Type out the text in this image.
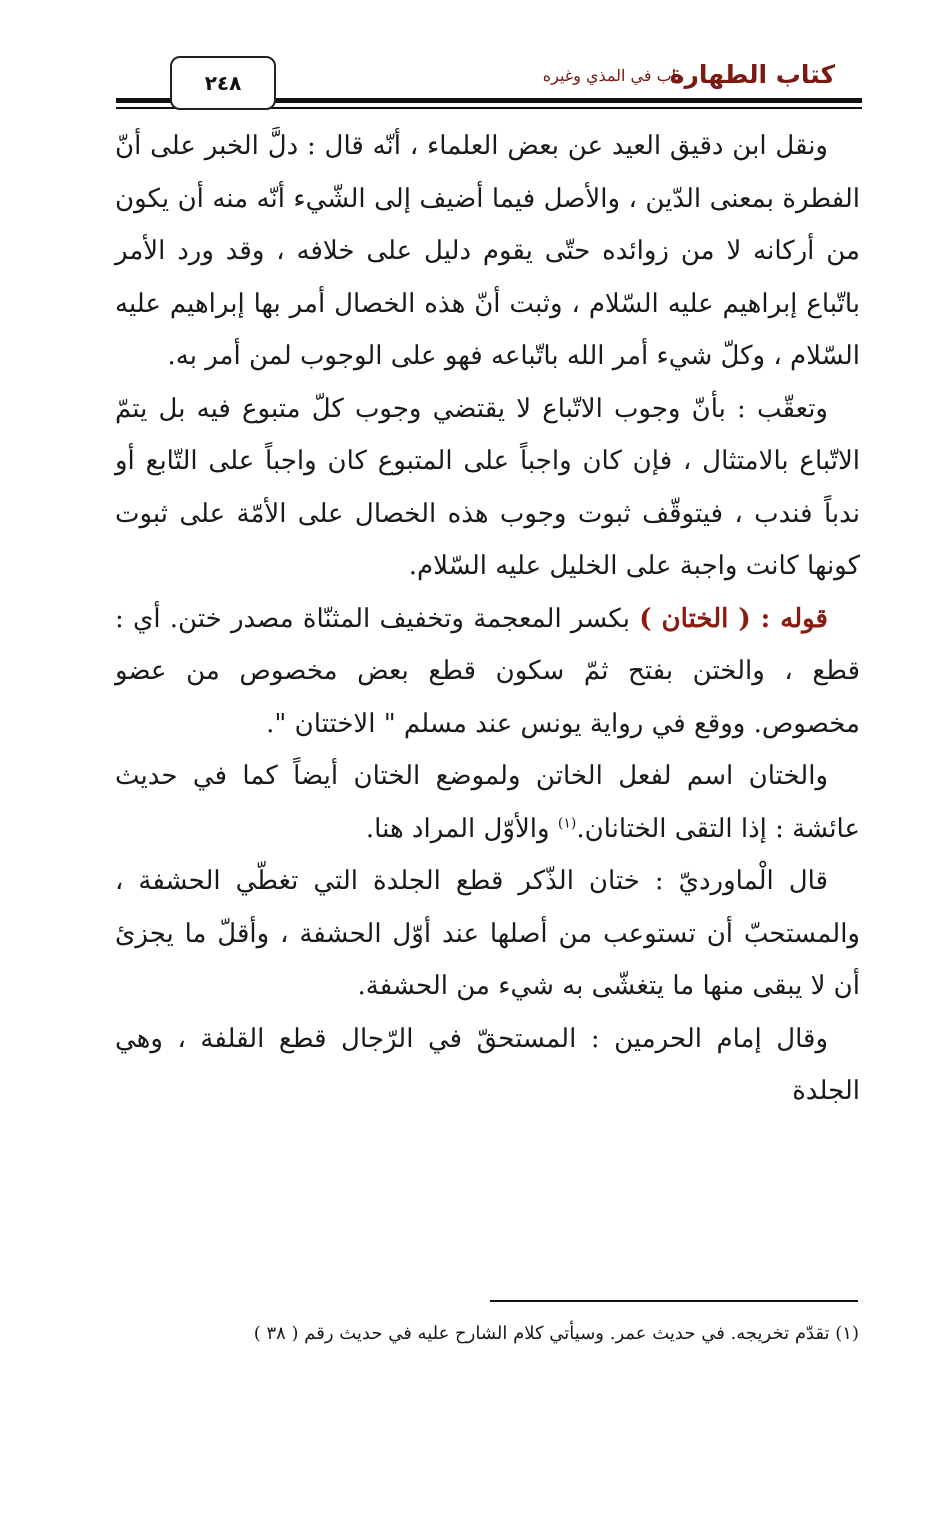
كتاب الطهارة
باب في المذي وغيره
٢٤٨

ونقل ابن دقيق العيد عن بعض العلماء ، أنّه قال : دلَّ الخبر على أنّ الفطرة بمعنى الدّين ، والأصل فيما أضيف إلى الشّيء أنّه منه أن يكون من أركانه لا من زوائده حتّى يقوم دليل على خلافه ، وقد ورد الأمر باتّباع إبراهيم عليه السّلام ، وثبت أنّ هذه الخصال أمر بها إبراهيم عليه السّلام ، وكلّ شيء أمر الله باتّباعه فهو على الوجوب لمن أمر به.

وتعقّب : بأنّ وجوب الاتّباع لا يقتضي وجوب كلّ متبوع فيه بل يتمّ الاتّباع بالامتثال ، فإن كان واجباً على المتبوع كان واجباً على التّابع أو ندباً فندب ، فيتوقّف ثبوت وجوب هذه الخصال على الأمّة على ثبوت كونها كانت واجبة على الخليل عليه السّلام.

قوله : ( الختان ) بكسر المعجمة وتخفيف المثنّاة مصدر ختن. أي : قطع ، والختن بفتح ثمّ سكون قطع بعض مخصوص من عضو مخصوص. ووقع في رواية يونس عند مسلم " الاختتان ".

والختان اسم لفعل الخاتن ولموضع الختان أيضاً كما في حديث عائشة : إذا التقى الختانان.$^{(١)}$ والأوّل المراد هنا.

قال الْماورديّ : ختان الذّكر قطع الجلدة التي تغطّي الحشفة ، والمستحبّ أن تستوعب من أصلها عند أوّل الحشفة ، وأقلّ ما يجزئ أن لا يبقى منها ما يتغشّى به شيء من الحشفة.

وقال إمام الحرمين : المستحقّ في الرّجال قطع القلفة ، وهي الجلدة

(١) تقدّم تخريجه. في حديث عمر. وسيأتي كلام الشارح عليه في حديث رقم ( ٣٨ )
